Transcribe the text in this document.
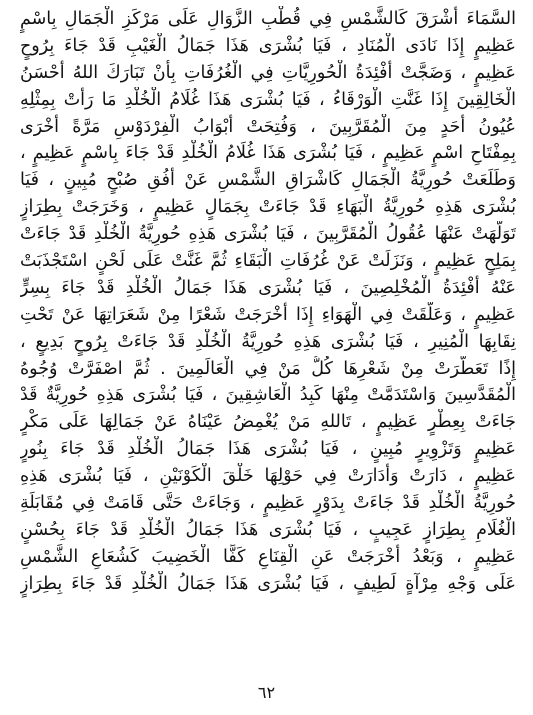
السَّمَاءَ أَشْرَقَ كَالشَّمْسِ فِي قُطْبِ الزَّوَالِ عَلَى مَرْكَزِ الْجَمَالِ بِاسْمٍ
عَظِيمٍ إِذَا نَادَى الْمُنَادِ ، فَيَا بُشْرَى هَذَا جَمَالُ الْغَيْبِ قَدْ جَاءَ بِرُوحٍ
عَظِيمٍ ، وَضَجَّتْ أَفْئِدَةُ الْحُورِيَّاتِ فِي الْغُرُفَاتِ بِأَنْ تَبَارَكَ اللهُ أَحْسَنُ
الْخَالِقِينَ إِذَا غَنَّتِ الْوَرْقَاءُ ، فَيَا بُشْرَى هَذَا غُلَامُ الْخُلْدِ مَا رَأَتْ بِمِثْلِهِ
عُيُونُ أَحَدٍ مِنَ الْمُقَرَّبِينَ ، وَفُتِحَتْ أَبْوَابُ الْفِرْدَوْسِ مَرَّةً أُخْرَى
بِمِفْتَاحِ اسْمٍ عَظِيمٍ ، فَيَا بُشْرَى هَذَا غُلَامُ الْخُلْدِ قَدْ جَاءَ بِاسْمٍ عَظِيمٍ ،
وَطَلَعَتْ حُورِيَّةُ الْجَمَالِ كَاشْرَاقِ الشَّمْسِ عَنْ أُفُقِ صُبْحٍ مُبِينٍ ، فَيَا
بُشْرَى هَذِهِ حُورِيَّةُ الْبَهَاءِ قَدْ جَاءَتْ بِجَمَالٍ عَظِيمٍ ، وَخَرَجَتْ بِطِرَازٍ
تَوَلَّهَتْ عَنْهَا عُقُولُ الْمُقَرَّبِينَ ، فَيَا بُشْرَى هَذِهِ حُورِيَّةُ الْخُلْدِ قَدْ جَاءَتْ
بِمَلِحٍ عَظِيمٍ ، وَنَزَلَتْ عَنْ غُرُفَاتِ الْبَقَاءِ ثُمَّ غَنَّتْ عَلَى لَحْنٍ اسْتَجْذَبَتْ
عَنْهُ أَفْئِدَةُ الْمُخْلِصِينَ ، فَيَا بُشْرَى هَذَا جَمَالُ الْخُلْدِ قَدْ جَاءَ بِسِرٍّ
عَظِيمٍ ، وَعَلَّقَتْ فِي الْهَوَاءِ إِذَا أَخْرَجَتْ شَعْرًا مِنْ شَعَرَاتِهَا عَنْ تَحْتِ
نِقَابِهَا الْمُنِيرِ ، فَيَا بُشْرَى هَذِهِ حُورِيَّةُ الْخُلْدِ قَدْ جَاءَتْ بِرُوحٍ بَدِيعٍ ،
إِذًا تَعَطَّرَتْ مِنْ شَعْرِهَا كُلُّ مَنْ فِي الْعَالَمِينَ . ثُمَّ اصْفَرَّتْ وُجُوهُ
الْمُقَدَّسِينَ وَاسْتَدَمَّتْ مِنْهَا كَبِدُ الْعَاشِقِينَ ، فَيَا بُشْرَى هَذِهِ حُورِيَّةٌ قَدْ
جَاءَتْ بِعِطْرٍ عَظِيمٍ ، تَاللهِ مَنْ يُغْمِضُ عَيْنَاهُ عَنْ جَمَالِهَا عَلَى مَكْرٍ
عَظِيمٍ وَتَزْوِيرٍ مُبِينٍ ، فَيَا بُشْرَى هَذَا جَمَالُ الْخُلْدِ قَدْ جَاءَ بِنُورٍ
عَظِيمٍ ، دَارَتْ وَأَدَارَتْ فِي حَوْلِهَا خَلْقَ الْكَوْنَيْنِ ، فَيَا بُشْرَى هَذِهِ
حُورِيَّةُ الْخُلْدِ قَدْ جَاءَتْ بِدَوْرٍ عَظِيمٍ ، وَجَاءَتْ حَتَّى قَامَتْ فِي مُقَابَلَةِ
الْغُلَامِ بِطِرَازٍ عَجِيبٍ ، فَيَا بُشْرَى هَذَا جَمَالُ الْخُلْدِ قَدْ جَاءَ بِحُسْنٍ
عَظِيمٍ ، وَبَعْدُ أَخْرَجَتْ عَنِ الْقِنَاعِ كَفًّا الْخَضِيبَ كَشُعَاعِ الشَّمْسِ
عَلَى وَجْهِ مِرْآةٍ لَطِيفٍ ، فَيَا بُشْرَى هَذَا جَمَالُ الْخُلْدِ قَدْ جَاءَ بِطِرَازٍ
٦٢
